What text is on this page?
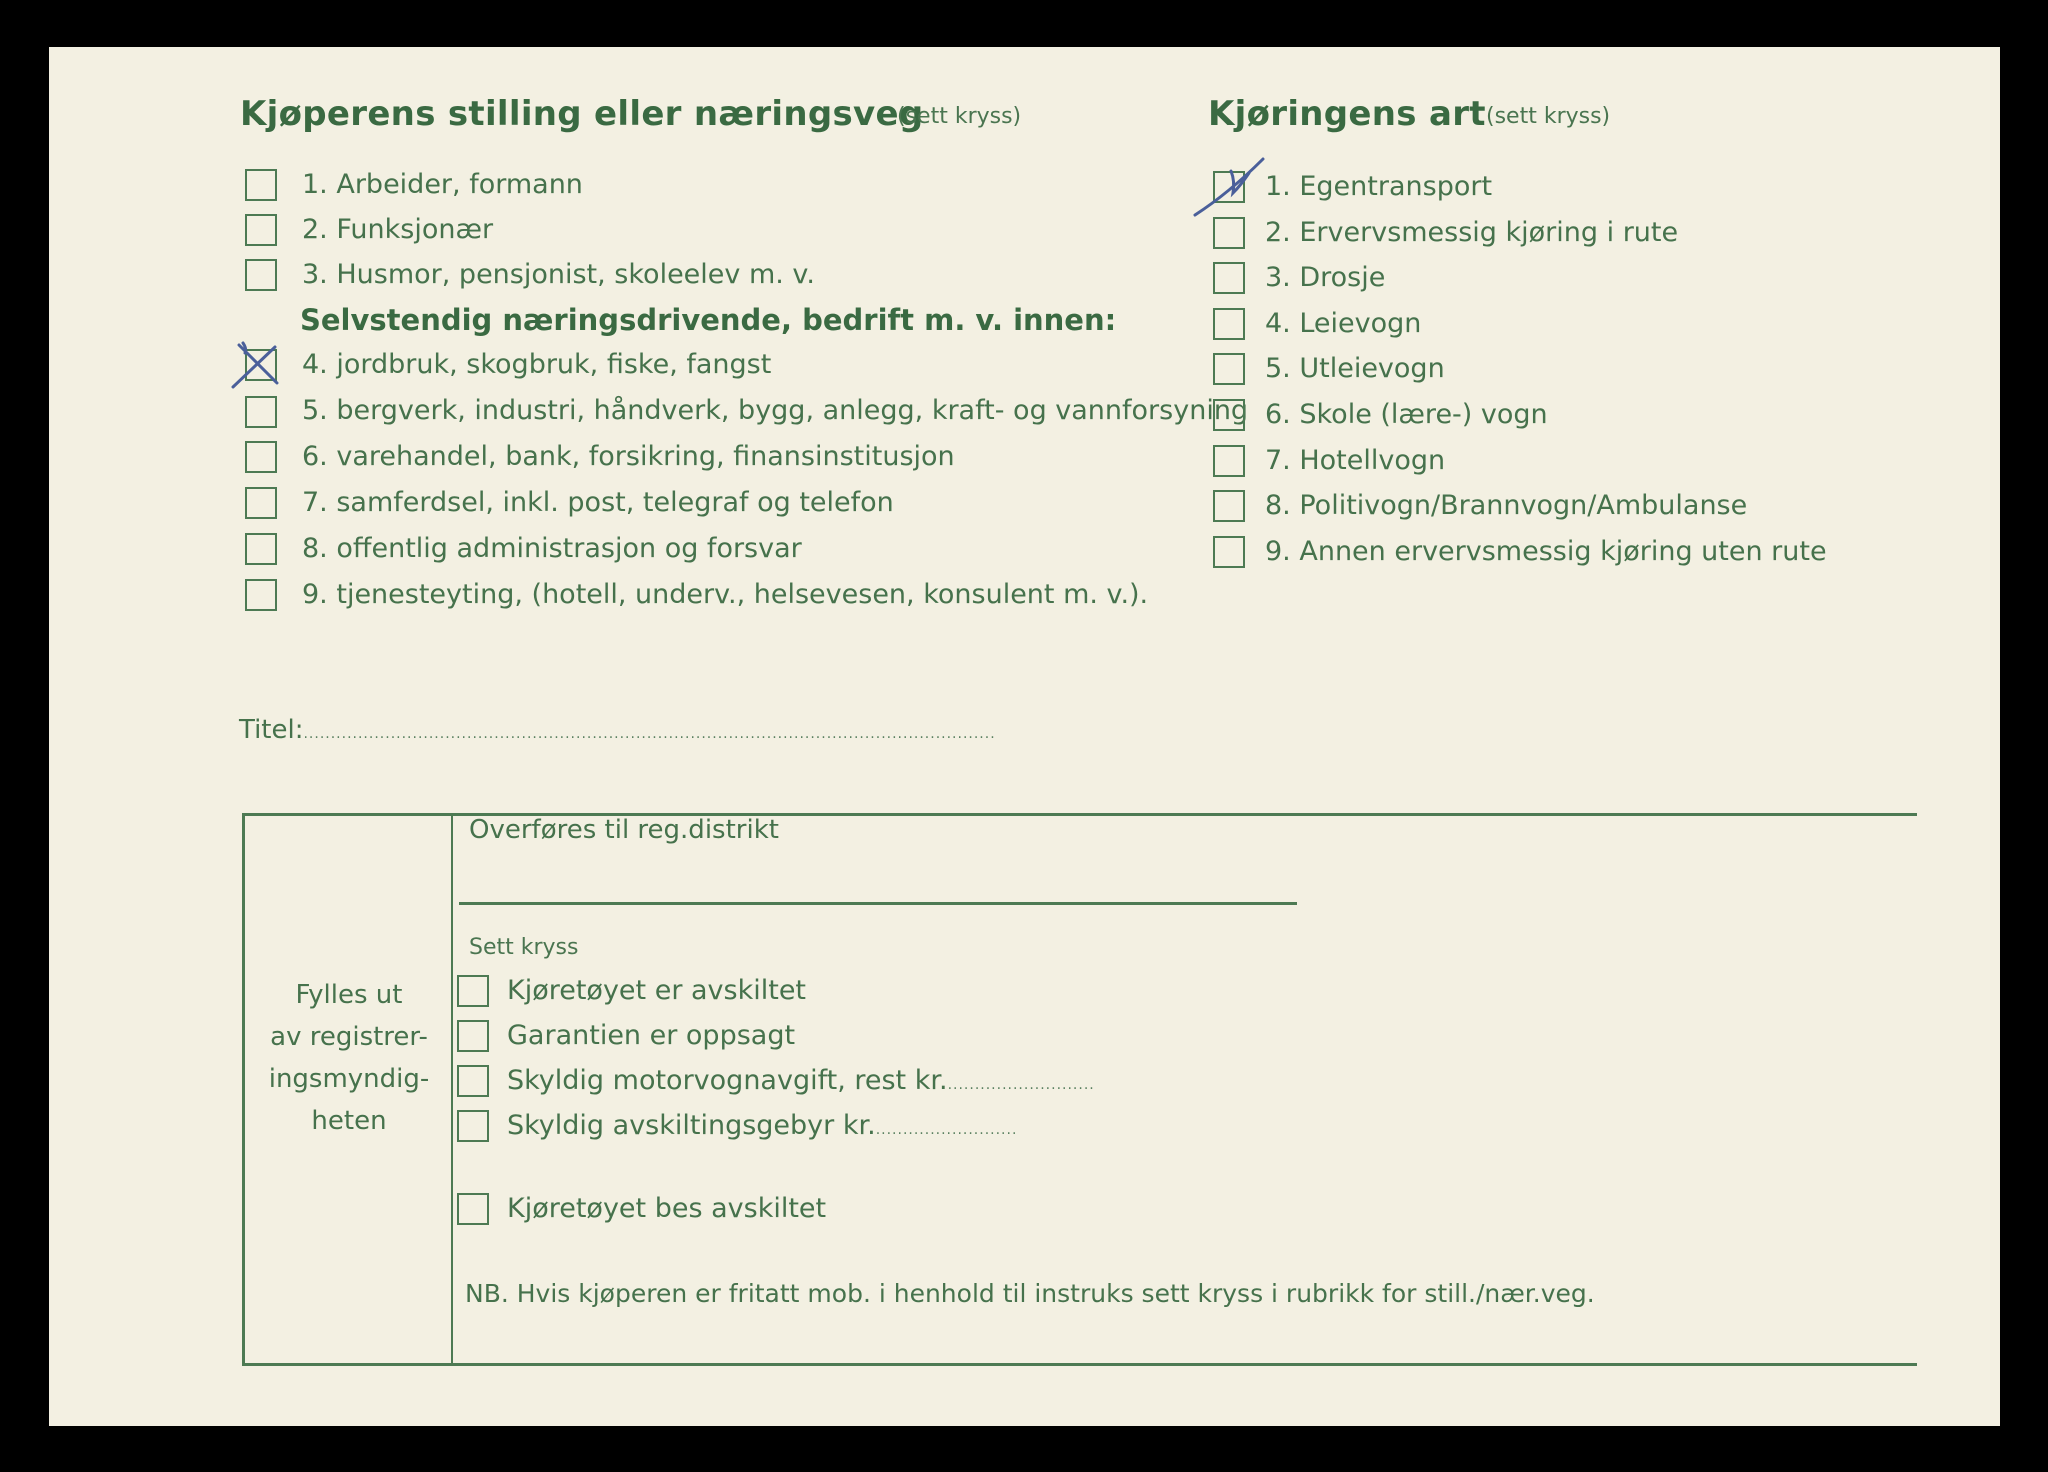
Kjøperens stilling eller næringsveg
(sett kryss)
1. Arbeider, formann
2. Funksjonær
3. Husmor, pensjonist, skoleelev m. v.
Selvstendig næringsdrivende, bedrift m. v. innen:
4. jordbruk, skogbruk, fiske, fangst
5. bergverk, industri, håndverk, bygg, anlegg, kraft- og vannforsyning
6. varehandel, bank, forsikring, finansinstitusjon
7. samferdsel, inkl. post, telegraf og telefon
8. offentlig administrasjon og forsvar
9. tjenesteyting, (hotell, underv., helsevesen, konsulent m. v.).
Kjøringens art (sett kryss)
1. Egentransport
2. Ervervsmessig kjøring i rute
3. Drosje
4. Leievogn
5. Utleievogn
6. Skole (lære-) vogn
7. Hotellvogn
8. Politivogn/Brannvogn/Ambulanse
9. Annen ervervsmessig kjøring uten rute
Titel:...............................................................................................................................
Fylles ut
av registrer-
ingsmyndig-
heten
Overføres til reg.distrikt
Sett kryss
Kjøretøyet er avskiltet
Garantien er oppsagt
Skyldig motorvognavgift, rest kr............................
Skyldig avskiltingsgebyr kr...........................
Kjøretøyet bes avskiltet
NB. Hvis kjøperen er fritatt mob. i henhold til instruks sett kryss i rubrikk for still./nær.veg.
